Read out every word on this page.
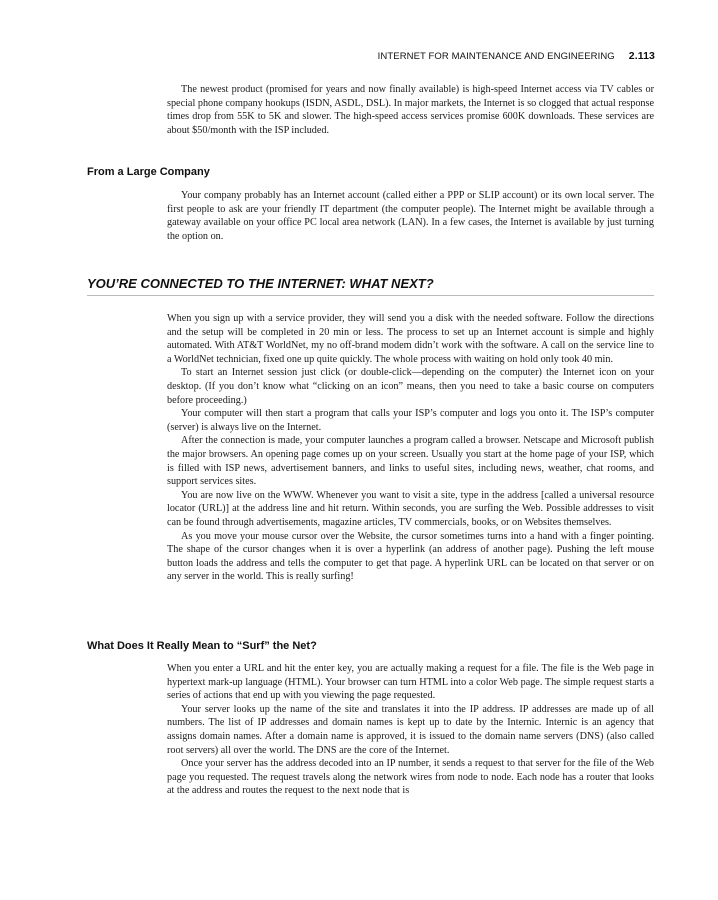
INTERNET FOR MAINTENANCE AND ENGINEERING 2.113

The newest product (promised for years and now finally available) is high-speed Internet access via TV cables or special phone company hookups (ISDN, ASDL, DSL). In major markets, the Internet is so clogged that actual response times drop from 55K to 5K and slower. The high-speed access services promise 600K downloads. These services are about $50/month with the ISP included.

From a Large Company

Your company probably has an Internet account (called either a PPP or SLIP account) or its own local server. The first people to ask are your friendly IT department (the computer people). The Internet might be available through a gateway available on your office PC local area network (LAN). In a few cases, the Internet is available by just turning the option on.

YOU’RE CONNECTED TO THE INTERNET: WHAT NEXT?

When you sign up with a service provider, they will send you a disk with the needed software. Follow the directions and the setup will be completed in 20 min or less. The process to set up an Internet account is simple and highly automated. With AT&T WorldNet, my no off-brand modem didn’t work with the software. A call on the service line to a WorldNet technician, fixed one up quite quickly. The whole process with waiting on hold only took 40 min.

To start an Internet session just click (or double-click—depending on the computer) the Internet icon on your desktop. (If you don’t know what “clicking on an icon” means, then you need to take a basic course on computers before proceeding.)

Your computer will then start a program that calls your ISP’s computer and logs you onto it. The ISP’s computer (server) is always live on the Internet.

After the connection is made, your computer launches a program called a browser. Netscape and Microsoft publish the major browsers. An opening page comes up on your screen. Usually you start at the home page of your ISP, which is filled with ISP news, advertisement banners, and links to useful sites, including news, weather, chat rooms, and support services sites.

You are now live on the WWW. Whenever you want to visit a site, type in the address [called a universal resource locator (URL)] at the address line and hit return. Within seconds, you are surfing the Web. Possible addresses to visit can be found through advertisements, magazine articles, TV commercials, books, or on Websites themselves.

As you move your mouse cursor over the Website, the cursor sometimes turns into a hand with a finger pointing. The shape of the cursor changes when it is over a hyperlink (an address of another page). Pushing the left mouse button loads the address and tells the computer to get that page. A hyperlink URL can be located on that server or on any server in the world. This is really surfing!

What Does It Really Mean to “Surf” the Net?

When you enter a URL and hit the enter key, you are actually making a request for a file. The file is the Web page in hypertext mark-up language (HTML). Your browser can turn HTML into a color Web page. The simple request starts a series of actions that end up with you viewing the page requested.

Your server looks up the name of the site and translates it into the IP address. IP addresses are made up of all numbers. The list of IP addresses and domain names is kept up to date by the Internic. Internic is an agency that assigns domain names. After a domain name is approved, it is issued to the domain name servers (DNS) (also called root servers) all over the world. The DNS are the core of the Internet.

Once your server has the address decoded into an IP number, it sends a request to that server for the file of the Web page you requested. The request travels along the network wires from node to node. Each node has a router that looks at the address and routes the request to the next node that is
